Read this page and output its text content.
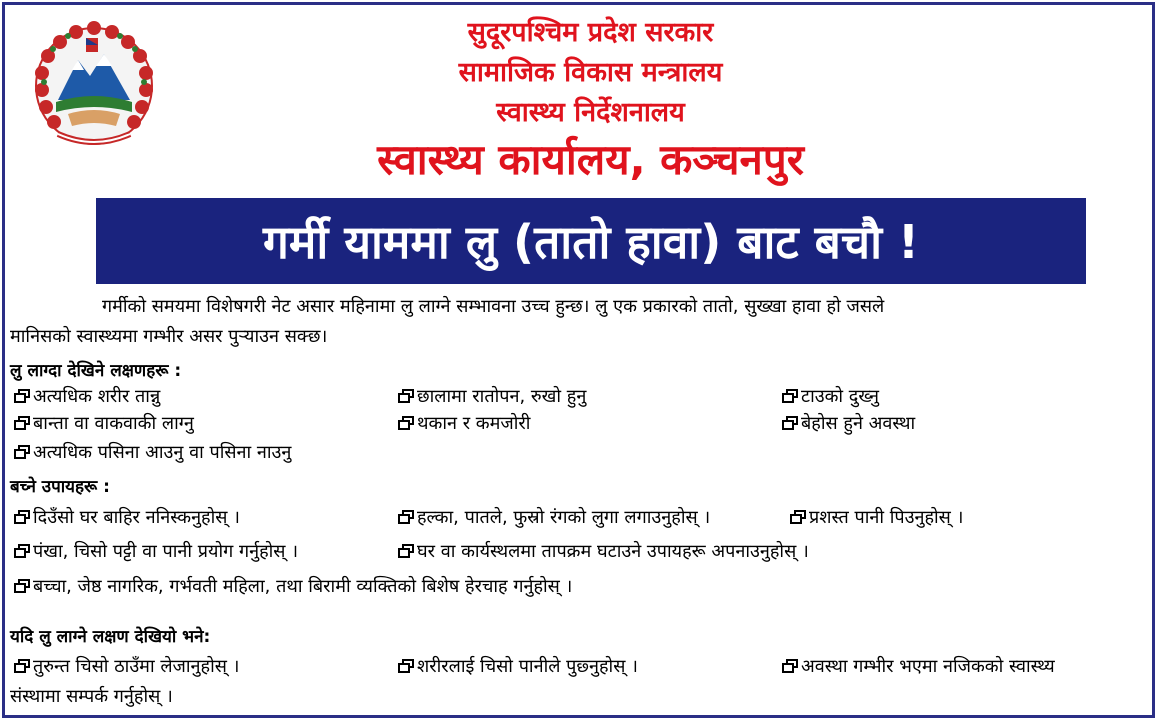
सुदूरपश्चिम प्रदेश सरकार
सामाजिक विकास मन्त्रालय
स्वास्थ्य निर्देशनालय
स्वास्थ्य कार्यालय, कञ्चनपुर
गर्मी याममा लु (तातो हावा) बाट बचौ !
गर्मीको समयमा विशेषगरी नेट असार महिनामा लु लाग्ने सम्भावना उच्च हुन्छ। लु एक प्रकारको तातो, सुख्खा हावा हो जसले
मानिसको स्वास्थ्यमा गम्भीर असर पुऱ्याउन सक्छ।
लु लाग्दा देखिने लक्षणहरू :
अत्यधिक शरीर तान्नु	छालामा रातोपन, रुखो हुनु	टाउको दुख्नु
बान्ता वा वाकवाकी लाग्नु	थकान र कमजोरी	बेहोस हुने अवस्था
अत्यधिक पसिना आउनु वा पसिना नाउनु
बच्ने उपायहरू :
दिउँसो घर बाहिर ननिस्कनुहोस् ।	हल्का, पातले, फुस्रो रंगको लुगा लगाउनुहोस् ।	प्रशस्त पानी पिउनुहोस् ।
पंखा, चिसो पट्टी वा पानी प्रयोग गर्नुहोस् ।	घर वा कार्यस्थलमा तापक्रम घटाउने उपायहरू अपनाउनुहोस् ।
बच्चा, जेष्ठ नागरिक, गर्भवती महिला, तथा बिरामी व्यक्तिको बिशेष हेरचाह गर्नुहोस् ।
यदि लु लाग्ने लक्षण देखियो भने:
तुरुन्त चिसो ठाउँमा लेजानुहोस् ।	शरीरलाई चिसो पानीले पुछ्नुहोस् ।	अवस्था गम्भीर भएमा नजिकको स्वास्थ्य
संस्थामा सम्पर्क गर्नुहोस् ।
